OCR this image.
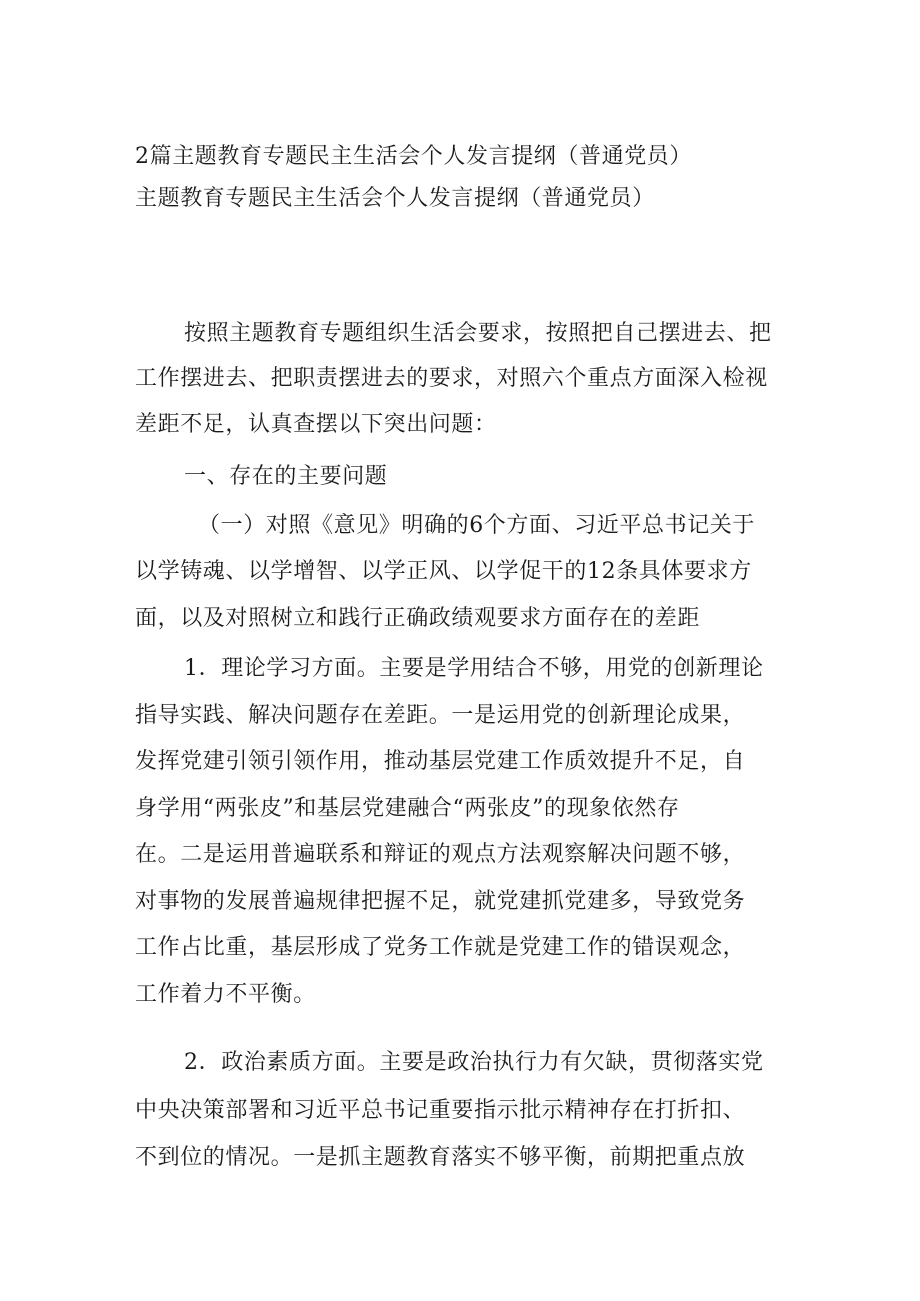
2篇主题教育专题民主生活会个人发言提纲（普通党员）

主题教育专题民主生活会个人发言提纲（普通党员）

按照主题教育专题组织生活会要求，按照把自己摆进去、把

工作摆进去、把职责摆进去的要求，对照六个重点方面深入检视

差距不足，认真查摆以下突出问题：

一、存在的主要问题

（一）对照《意见》明确的6个方面、习近平总书记关于

以学铸魂、以学增智、以学正风、以学促干的12条具体要求方

面，以及对照树立和践行正确政绩观要求方面存在的差距

1．理论学习方面。主要是学用结合不够，用党的创新理论

指导实践、解决问题存在差距。一是运用党的创新理论成果，

发挥党建引领引领作用，推动基层党建工作质效提升不足，自

身学用“两张皮”和基层党建融合“两张皮”的现象依然存

在。二是运用普遍联系和辩证的观点方法观察解决问题不够，

对事物的发展普遍规律把握不足，就党建抓党建多，导致党务

工作占比重，基层形成了党务工作就是党建工作的错误观念，

工作着力不平衡。

2．政治素质方面。主要是政治执行力有欠缺，贯彻落实党

中央决策部署和习近平总书记重要指示批示精神存在打折扣、

不到位的情况。一是抓主题教育落实不够平衡，前期把重点放
